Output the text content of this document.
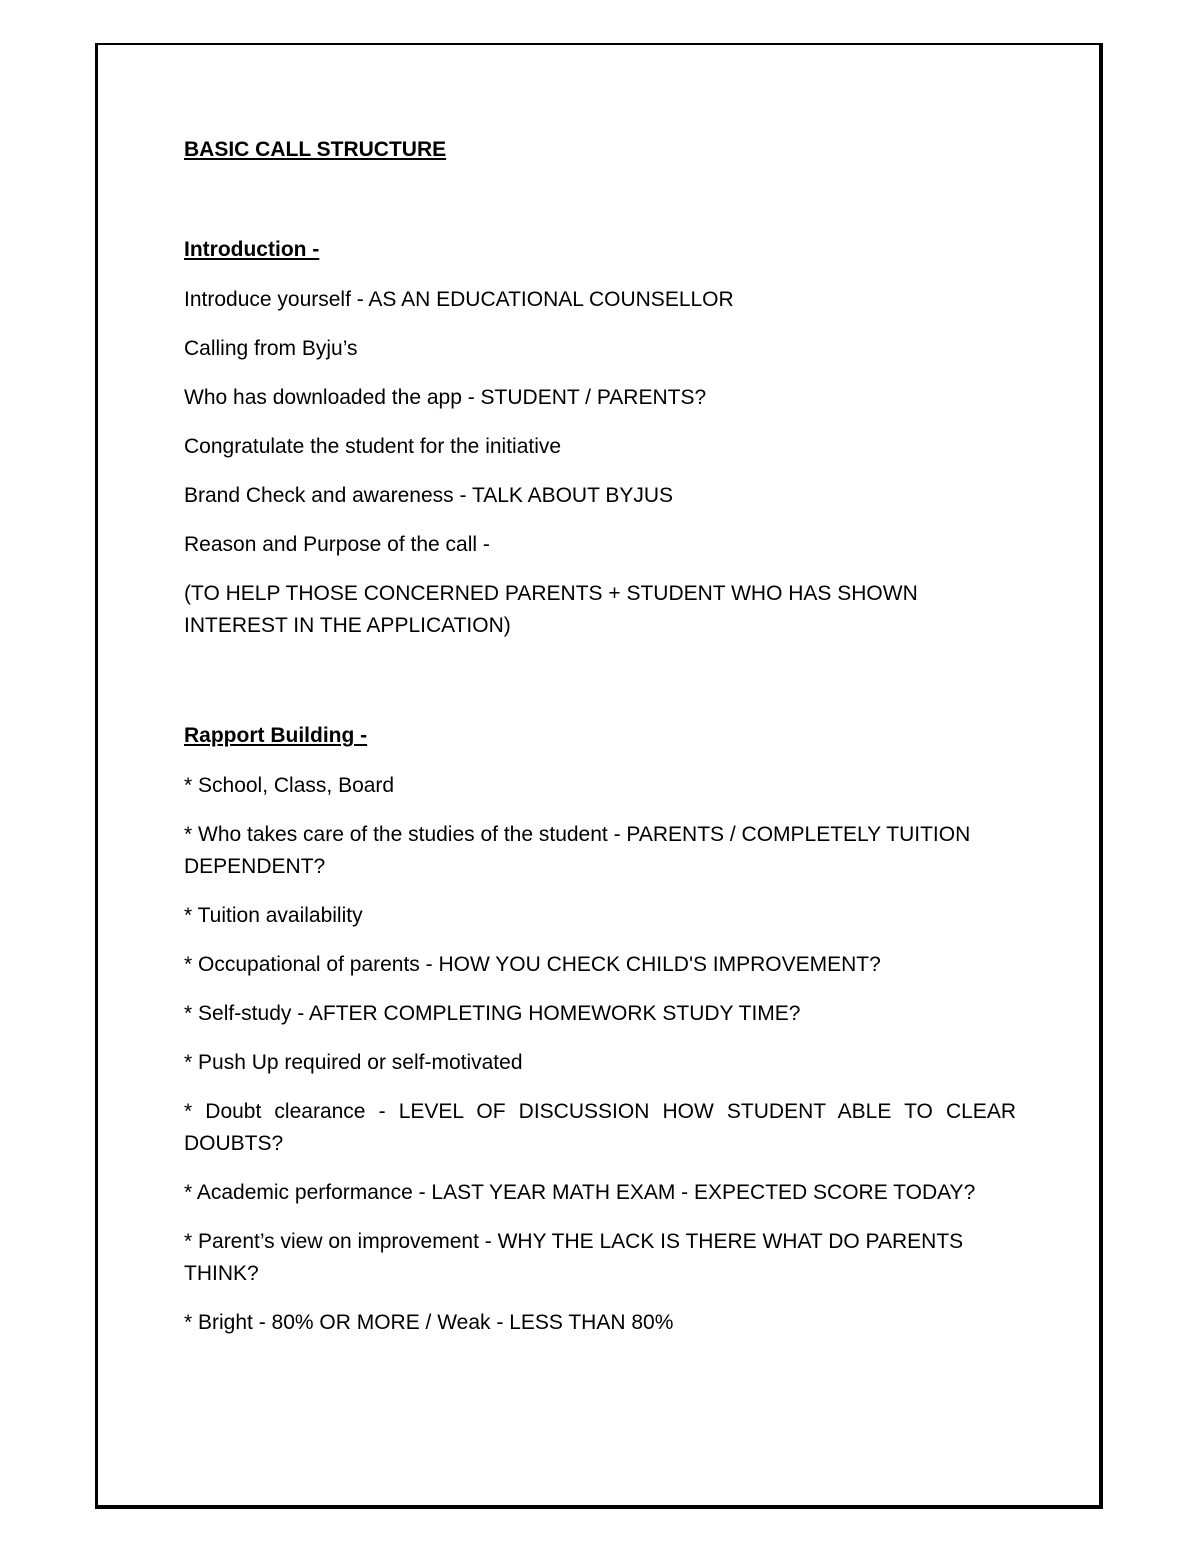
BASIC CALL STRUCTURE
Introduction -
Introduce yourself - AS AN EDUCATIONAL COUNSELLOR
Calling from Byju’s
Who has downloaded the app - STUDENT / PARENTS?
Congratulate the student for the initiative
Brand Check and awareness - TALK ABOUT BYJUS
Reason and Purpose of the call -
(TO HELP THOSE CONCERNED PARENTS + STUDENT WHO HAS SHOWN INTEREST IN THE APPLICATION)
Rapport Building -
* School, Class, Board
* Who takes care of the studies of the student - PARENTS / COMPLETELY TUITION DEPENDENT?
* Tuition availability
* Occupational of parents - HOW YOU CHECK CHILD'S IMPROVEMENT?
* Self-study - AFTER COMPLETING HOMEWORK STUDY TIME?
* Push Up required or self-motivated
* Doubt clearance - LEVEL OF DISCUSSION HOW STUDENT ABLE TO CLEAR DOUBTS?
* Academic performance - LAST YEAR MATH EXAM - EXPECTED SCORE TODAY?
* Parent’s view on improvement - WHY THE LACK IS THERE WHAT DO PARENTS THINK?
* Bright - 80% OR MORE / Weak - LESS THAN 80%
